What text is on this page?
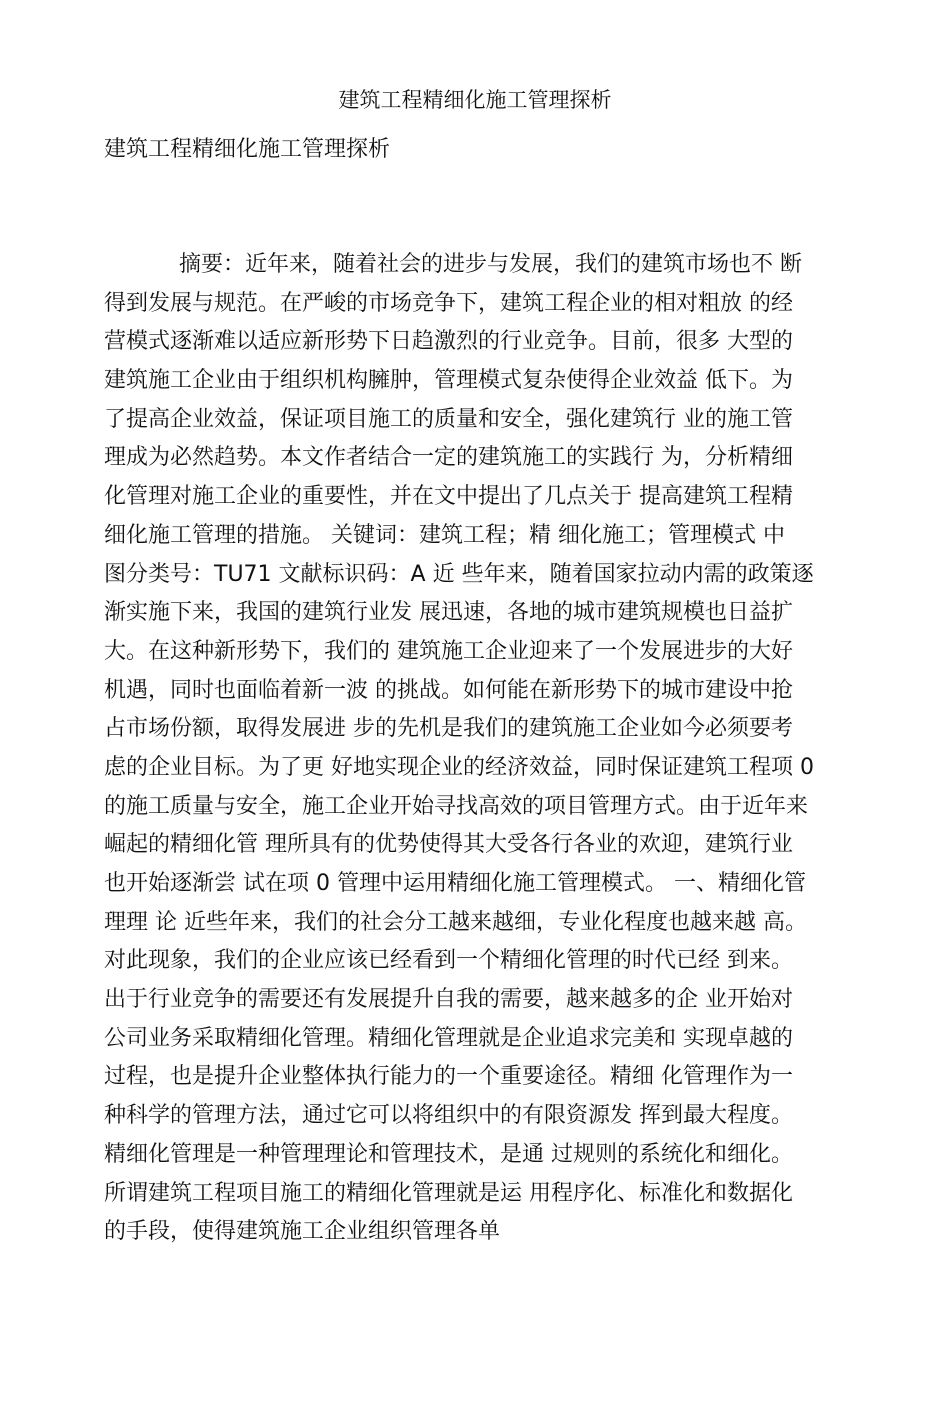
建筑工程精细化施工管理探析
建筑工程精细化施工管理探析
摘要：近年来，随着社会的进步与发展，我们的建筑市场也不 断
得到发展与规范。在严峻的市场竞争下，建筑工程企业的相对粗放 的经
营模式逐渐难以适应新形势下日趋激烈的行业竞争。目前，很多 大型的
建筑施工企业由于组织机构臃肿，管理模式复杂使得企业效益 低下。为
了提高企业效益，保证项目施工的质量和安全，强化建筑行 业的施工管
理成为必然趋势。本文作者结合一定的建筑施工的实践行 为，分析精细
化管理对施工企业的重要性，并在文中提出了几点关于 提高建筑工程精
细化施工管理的措施。 关键词：建筑工程；精 细化施工；管理模式 中
图分类号：TU71 文献标识码：A 近 些年来，随着国家拉动内需的政策逐
渐实施下来，我国的建筑行业发 展迅速，各地的城市建筑规模也日益扩
大。在这种新形势下，我们的 建筑施工企业迎来了一个发展进步的大好
机遇，同时也面临着新一波 的挑战。如何能在新形势下的城市建设中抢
占市场份额，取得发展进 步的先机是我们的建筑施工企业如今必须要考
虑的企业目标。为了更 好地实现企业的经济效益，同时保证建筑工程项 0
的施工质量与安全，施工企业开始寻找高效的项目管理方式。由于近年来
崛起的精细化管 理所具有的优势使得其大受各行各业的欢迎，建筑行业
也开始逐渐尝 试在项 0 管理中运用精细化施工管理模式。 一、精细化管
理理 论 近些年来，我们的社会分工越来越细，专业化程度也越来越 高。
对此现象，我们的企业应该已经看到一个精细化管理的时代已经 到来。
出于行业竞争的需要还有发展提升自我的需要，越来越多的企 业开始对
公司业务采取精细化管理。精细化管理就是企业追求完美和 实现卓越的
过程，也是提升企业整体执行能力的一个重要途径。精细 化管理作为一
种科学的管理方法，通过它可以将组织中的有限资源发 挥到最大程度。
精细化管理是一种管理理论和管理技术，是通 过规则的系统化和细化。
所谓建筑工程项目施工的精细化管理就是运 用程序化、标准化和数据化
的手段，使得建筑施工企业组织管理各单
